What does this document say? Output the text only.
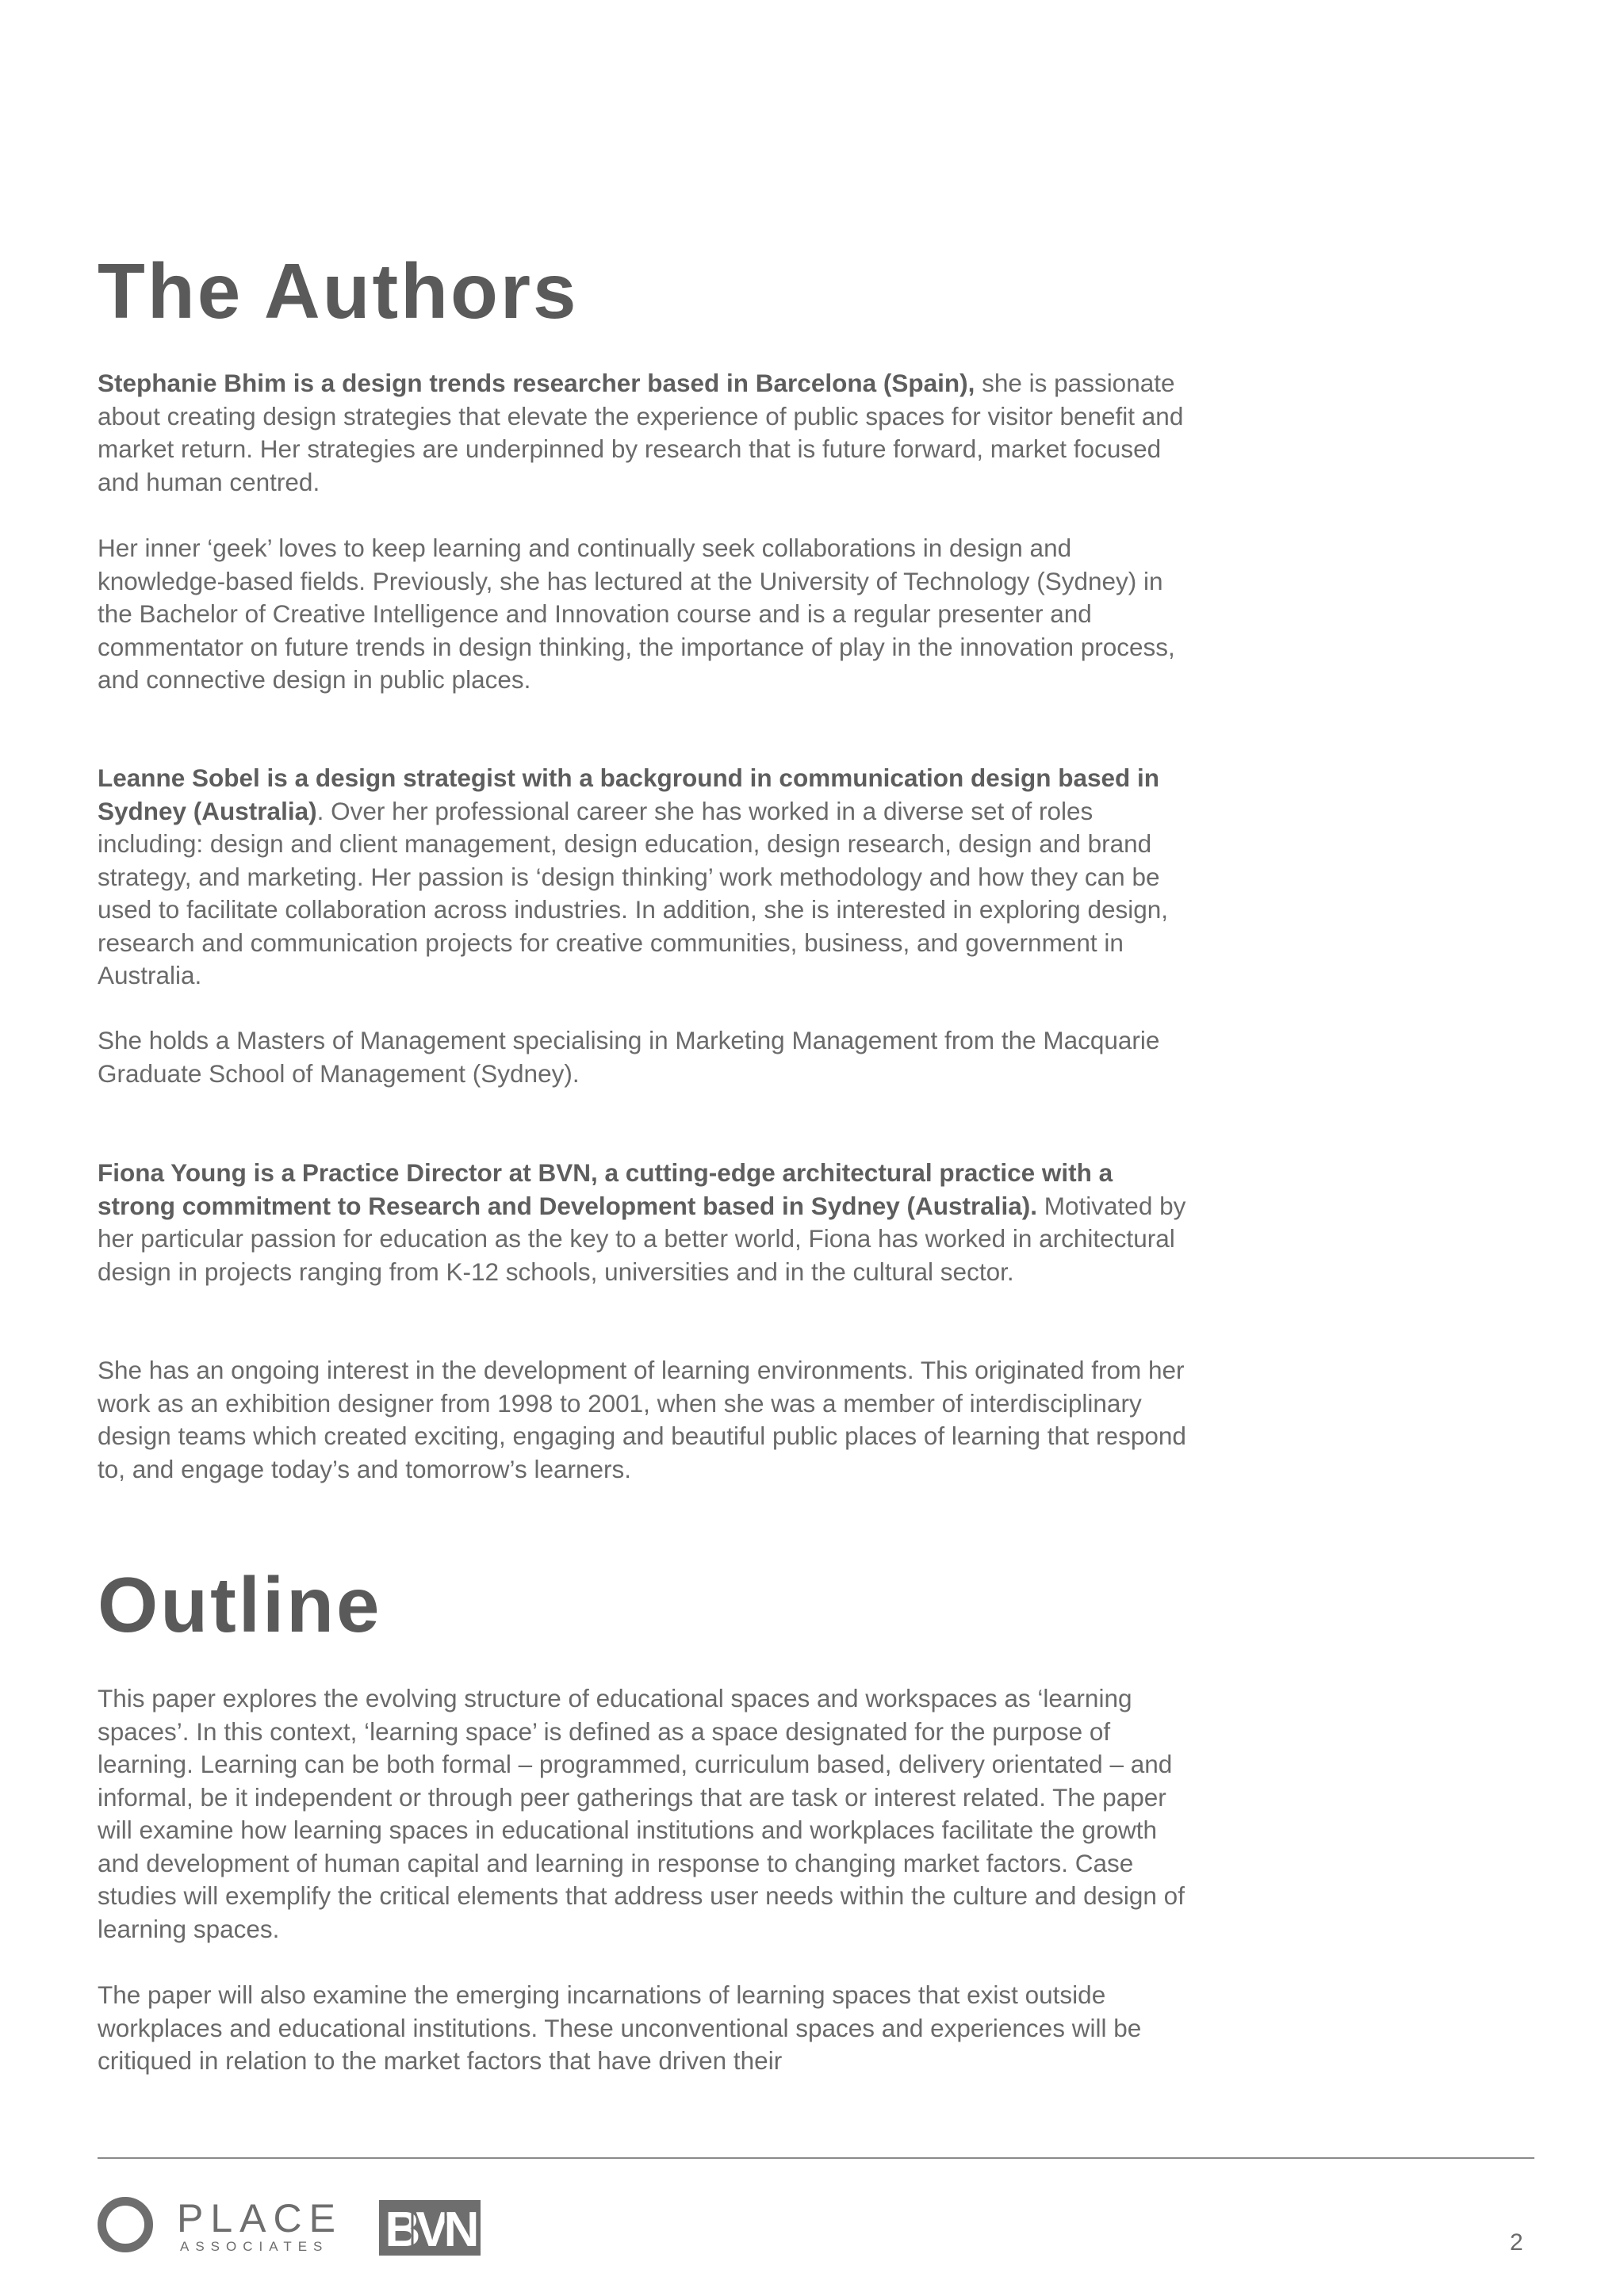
The Authors

Stephanie Bhim is a design trends researcher based in Barcelona (Spain), she is passionate about creating design strategies that elevate the experience of public spaces for visitor benefit and market return. Her strategies are underpinned by research that is future forward, market focused and human centred.

Her inner ‘geek’ loves to keep learning and continually seek collaborations in design and knowledge-based fields. Previously, she has lectured at the University of Technology (Sydney) in the Bachelor of Creative Intelligence and Innovation course and is a regular presenter and commentator on future trends in design thinking, the importance of play in the innovation process, and connective design in public places.

Leanne Sobel is a design strategist with a background in communication design based in Sydney (Australia). Over her professional career she has worked in a diverse set of roles including: design and client management, design education, design research, design and brand strategy, and marketing. Her passion is ‘design thinking’ work methodology and how they can be used to facilitate collaboration across industries. In addition, she is interested in exploring design, research and communication projects for creative communities, business, and government in Australia.

She holds a Masters of Management specialising in Marketing Management from the Macquarie Graduate School of Management (Sydney).

Fiona Young is a Practice Director at BVN, a cutting-edge architectural practice with a strong commitment to Research and Development based in Sydney (Australia). Motivated by her particular passion for education as the key to a better world, Fiona has worked in architectural design in projects ranging from K-12 schools, universities and in the cultural sector.

She has an ongoing interest in the development of learning environments. This originated from her work as an exhibition designer from 1998 to 2001, when she was a member of interdisciplinary design teams which created exciting, engaging and beautiful public places of learning that respond to, and engage today’s and tomorrow’s learners.

Outline

This paper explores the evolving structure of educational spaces and workspaces as ‘learning spaces’. In this context, ‘learning space’ is defined as a space designated for the purpose of learning. Learning can be both formal – programmed, curriculum based, delivery orientated – and informal, be it independent or through peer gatherings that are task or interest related. The paper will examine how learning spaces in educational institutions and workplaces facilitate the growth and development of human capital and learning in response to changing market factors. Case studies will exemplify the critical elements that address user needs within the culture and design of learning spaces.

The paper will also examine the emerging incarnations of learning spaces that exist outside workplaces and educational institutions. These unconventional spaces and experiences will be critiqued in relation to the market factors that have driven their

PLACE
ASSOCIATES BVN	2
